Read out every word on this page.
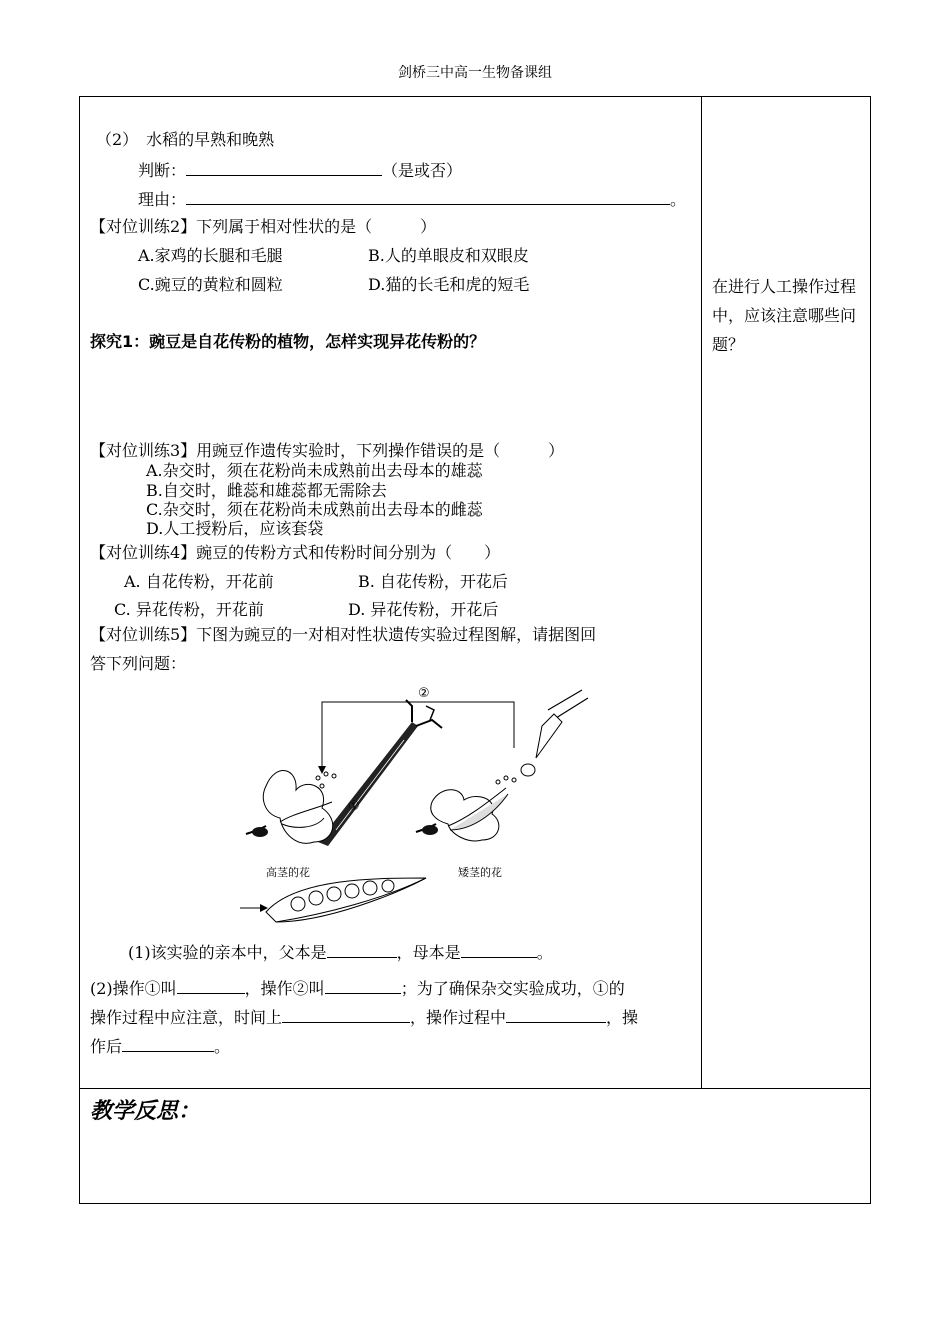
剑桥三中高一生物备课组
（2）　水稻的早熟和晚熟
判断：	（是或否）
理由：	。
【对位训练2】下列属于相对性状的是（　　　）
A.家鸡的长腿和毛腿	B.人的单眼皮和双眼皮
C.豌豆的黄粒和圆粒	D.猫的长毛和虎的短毛
探究1：豌豆是自花传粉的植物，怎样实现异花传粉的？
【对位训练3】用豌豆作遗传实验时，下列操作错误的是（　　　）
A.杂交时，须在花粉尚未成熟前出去母本的雄蕊
B.自交时，雌蕊和雄蕊都无需除去
C.杂交时，须在花粉尚未成熟前出去母本的雌蕊
D.人工授粉后，应该套袋
【对位训练4】豌豆的传粉方式和传粉时间分别为（　　）
A. 自花传粉，开花前	B. 自花传粉，开花后
C. 异花传粉，开花前	D. 异花传粉，开花后
【对位训练5】下图为豌豆的一对相对性状遗传实验过程图解，请据图回
答下列问题：
②
①
高茎的花	矮茎的花
(1)该实验的亲本中，父本是	，母本是	。
(2)操作①叫	，操作②叫	；为了确保杂交实验成功，①的
操作过程中应注意，时间上	，操作过程中	，操
作后	。
在进行人工操作过程中，应该注意哪些问题？
教学反思：
